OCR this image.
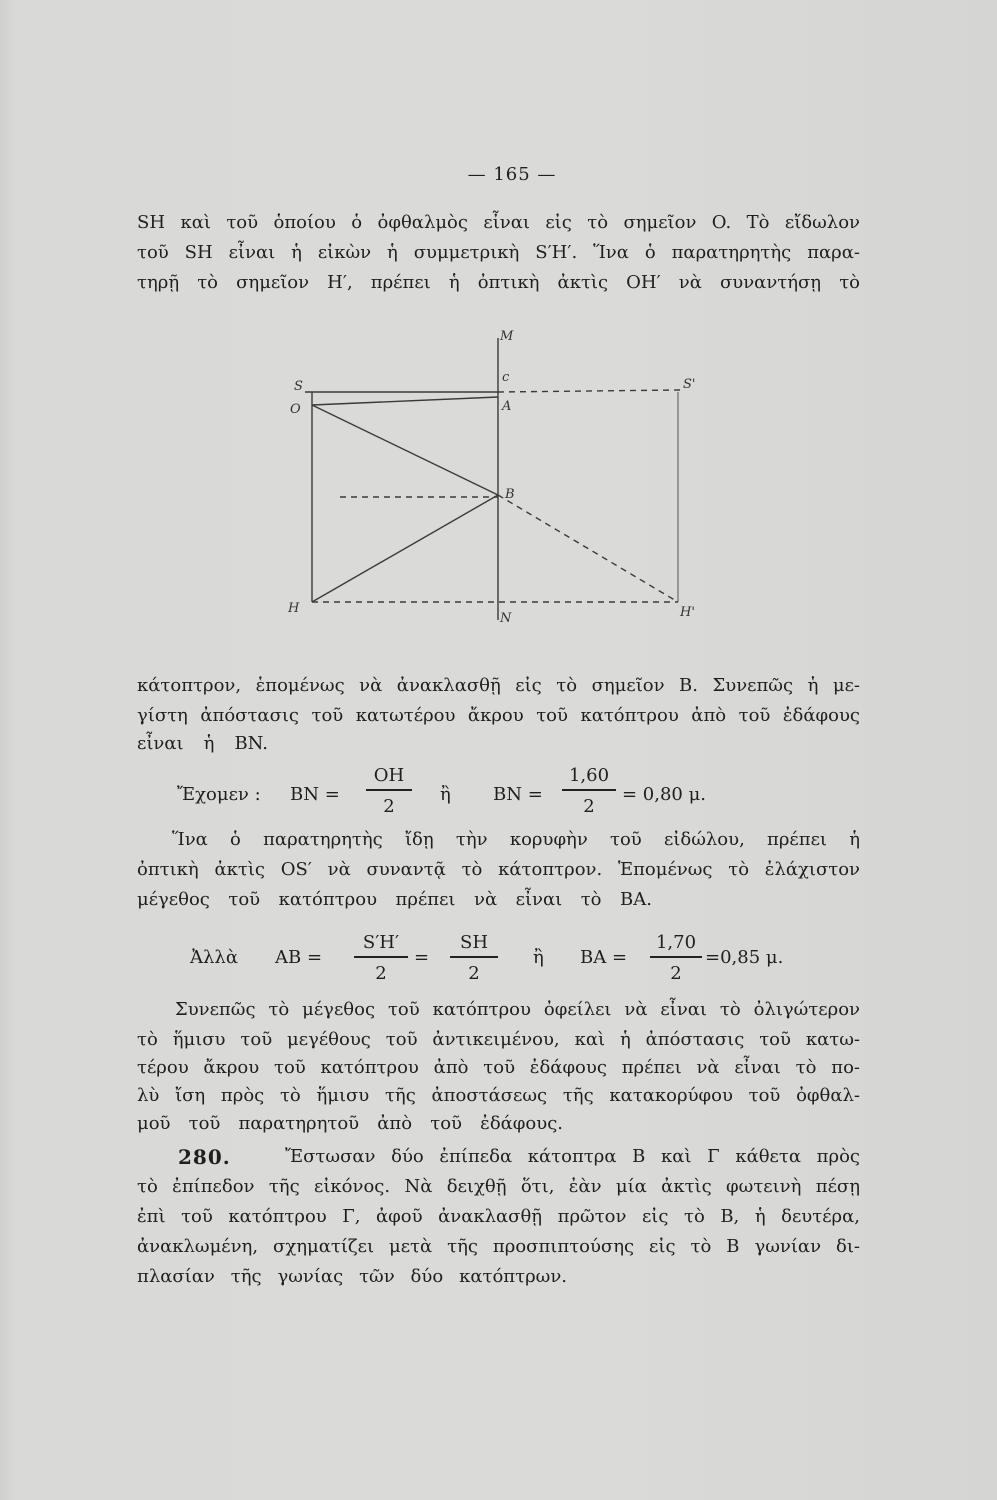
— 165 —
SH καὶ τοῦ ὁποίου ὁ ὀφθαλμὸς εἶναι εἰς τὸ σημεῖον O. Τὸ εἴδωλον
τοῦ SH εἶναι ἡ εἰκὼν ἡ συμμετρικὴ S′H′. Ἵνα ὁ παρατηρητὴς παρα-
τηρῇ τὸ σημεῖον H′, πρέπει ἡ ὀπτικὴ ἀκτὶς OH′ νὰ συναντήσῃ τὸ
M
S
O
c
A
S'
B
H
N	H'
κάτοπτρον, ἑπομένως νὰ ἀνακλασθῇ εἰς τὸ σημεῖον B. Συνεπῶς ἡ με-
γίστη ἀπόστασις τοῦ κατωτέρου ἄκρου τοῦ κατόπτρου ἀπὸ τοῦ ἐδάφους
εἶναι ἡ BN.
Ἔχομεν : BN =
OH
2
ἢ BN =
1,60
2
= 0,80 μ.
Ἵνα ὁ παρατηρητὴς ἴδῃ τὴν κορυφὴν τοῦ εἰδώλου, πρέπει ἡ
ὀπτικὴ ἀκτὶς OS′ νὰ συναντᾷ τὸ κάτοπτρον. Ἑπομένως τὸ ἐλάχιστον
μέγεθος τοῦ κατόπτρου πρέπει νὰ εἶναι τὸ BA.
Ἀλλὰ AB =
S′H′
2
=
SH
2
ἢ BA =
1,70
2
=0,85 μ.
Συνεπῶς τὸ μέγεθος τοῦ κατόπτρου ὀφείλει νὰ εἶναι τὸ ὀλιγώτερον
τὸ ἥμισυ τοῦ μεγέθους τοῦ ἀντικειμένου, καὶ ἡ ἀπόστασις τοῦ κατω-
τέρου ἄκρου τοῦ κατόπτρου ἀπὸ τοῦ ἐδάφους πρέπει νὰ εἶναι τὸ πο-
λὺ ἴση πρὸς τὸ ἥμισυ τῆς ἀποστάσεως τῆς κατακορύφου τοῦ ὀφθαλ-
μοῦ τοῦ παρατηρητοῦ ἀπὸ τοῦ ἐδάφους.
280.	Ἔστωσαν δύο ἐπίπεδα κάτοπτρα B καὶ Γ κάθετα πρὸς
τὸ ἐπίπεδον τῆς εἰκόνος. Νὰ δειχθῇ ὅτι, ἐὰν μία ἀκτὶς φωτεινὴ πέσῃ
ἐπὶ τοῦ κατόπτρου Γ, ἀφοῦ ἀνακλασθῇ πρῶτον εἰς τὸ B, ἡ δευτέρα,
ἀνακλωμένη, σχηματίζει μετὰ τῆς προσπιπτούσης εἰς τὸ B γωνίαν δι-
πλασίαν τῆς γωνίας τῶν δύο κατόπτρων.
